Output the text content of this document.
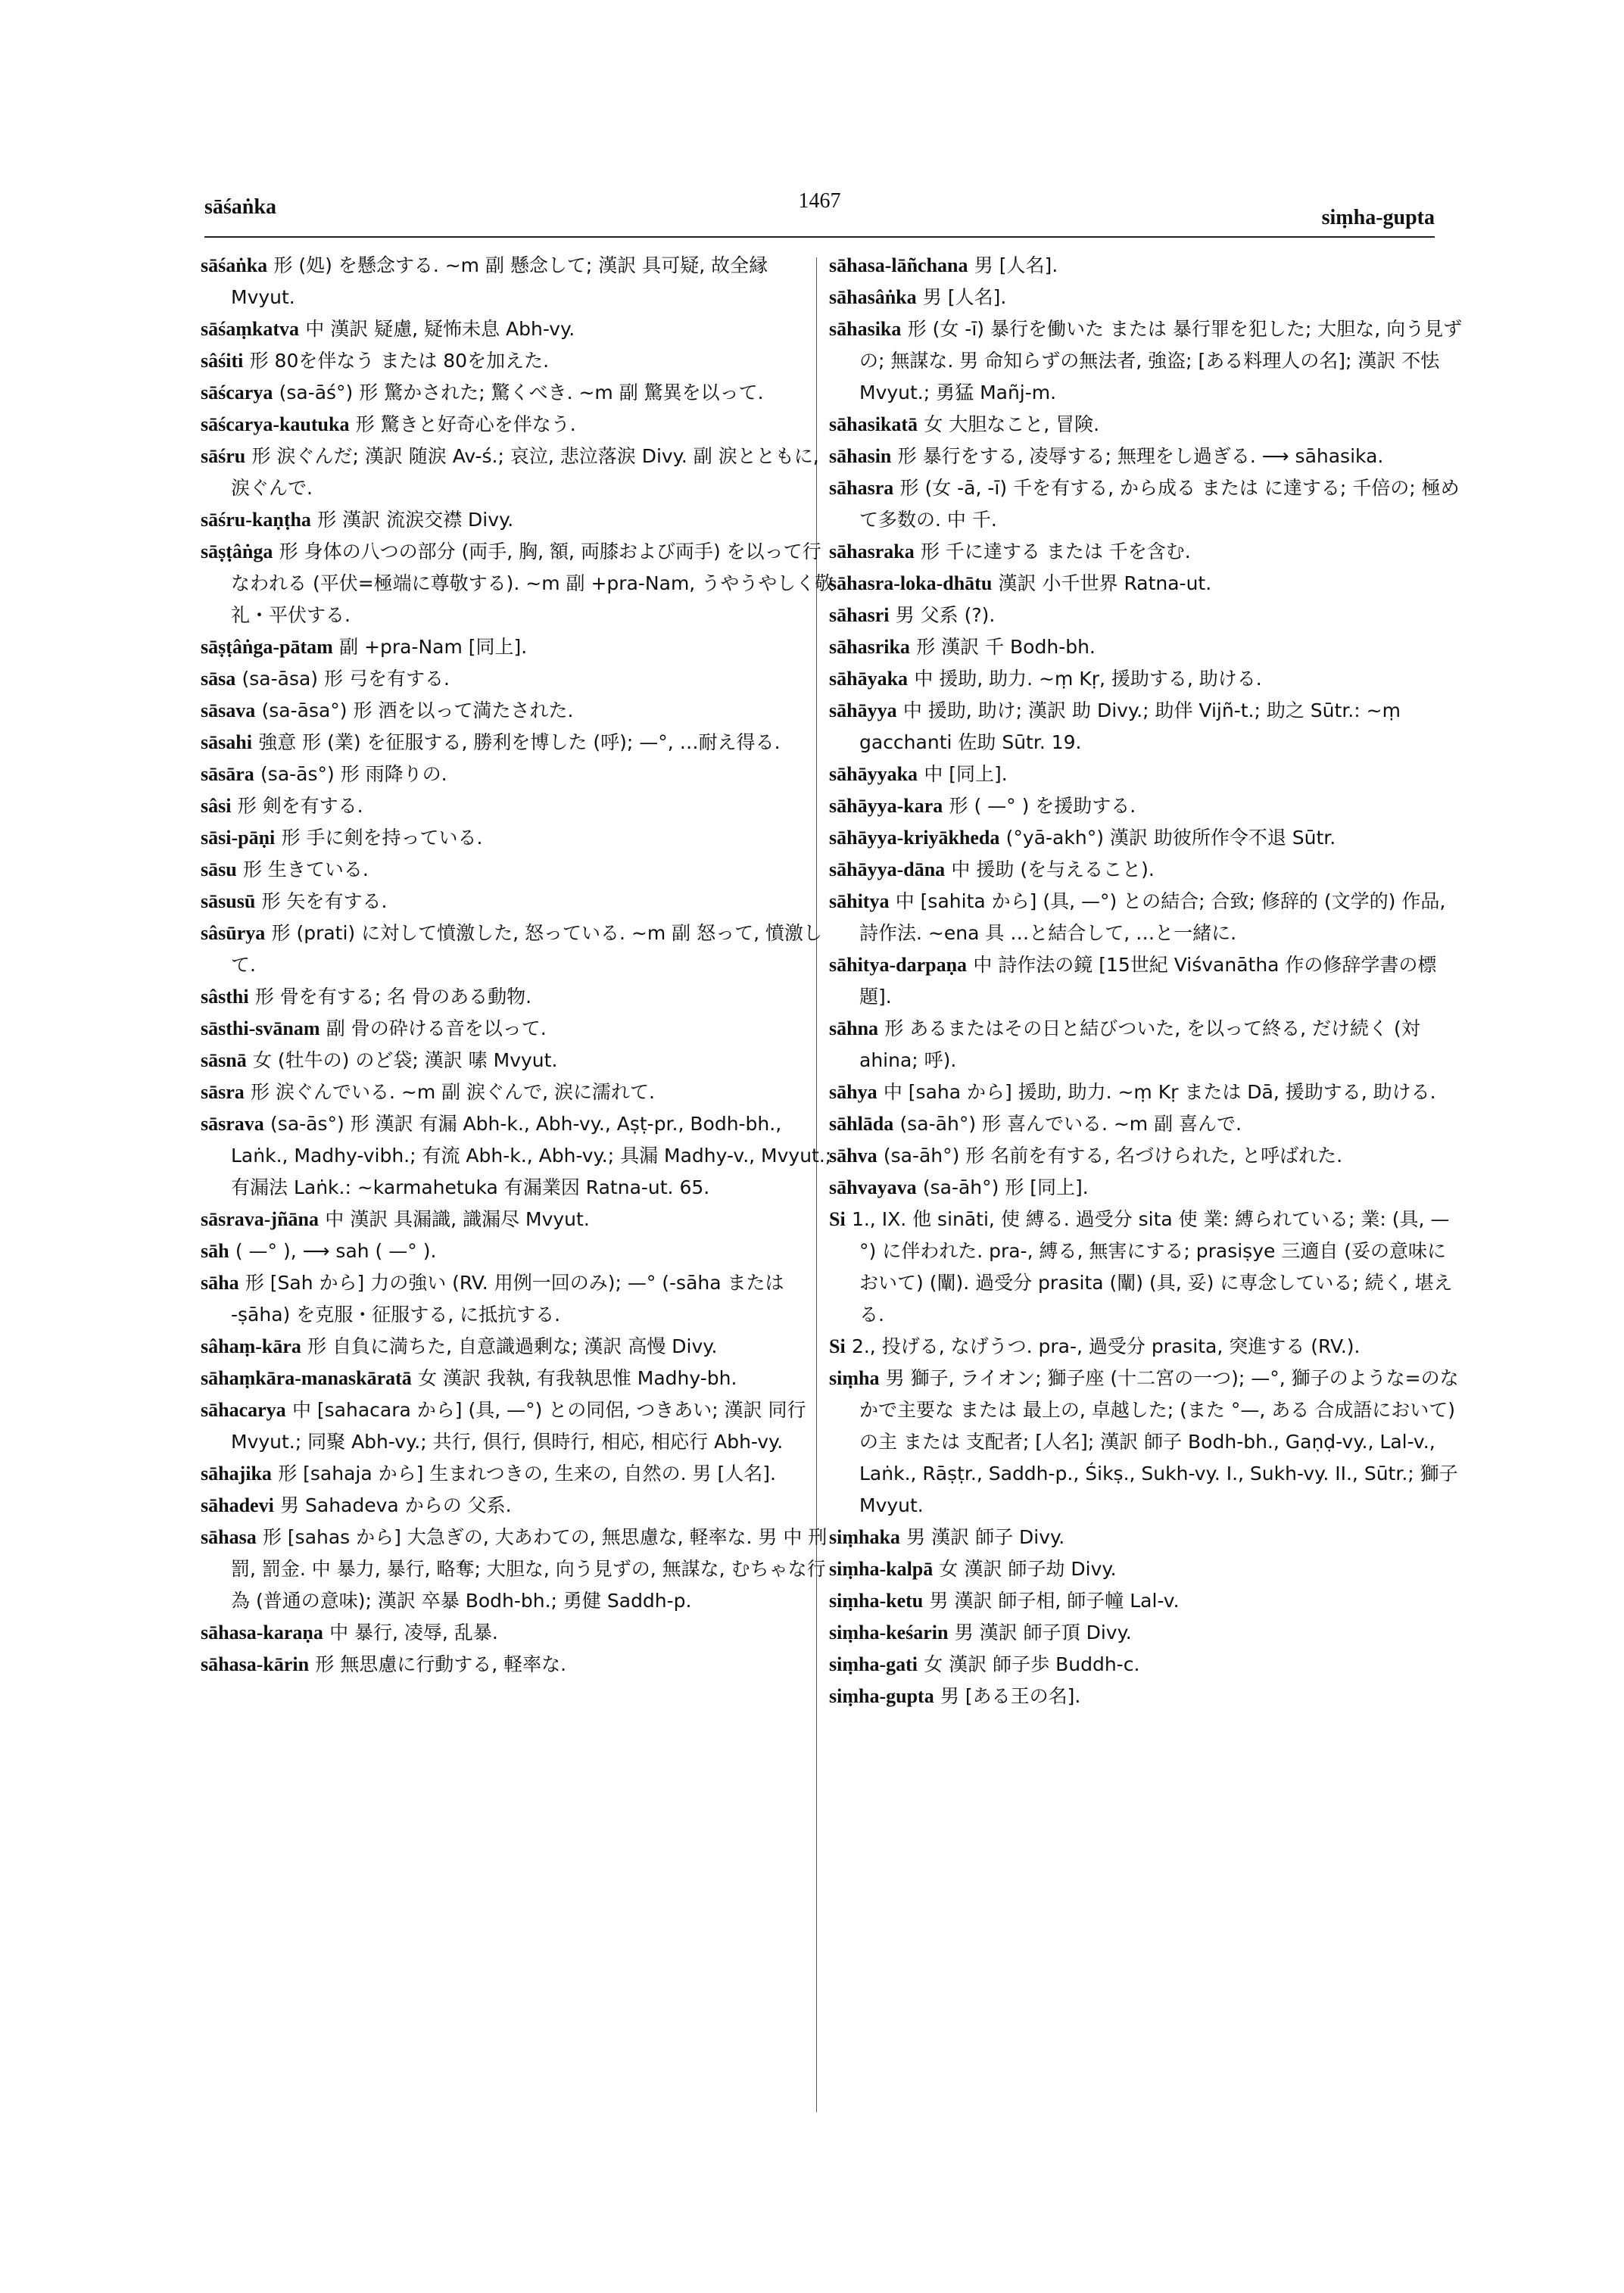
sāśaṅka	1467
siṃha-gupta
sāśaṅka 形 (処) を懸念する. ~m 副 懸念して; 漢訳 具可疑, 故全縁 Mvyut.
sāśaṃkatva 中 漢訳 疑慮, 疑怖未息 Abh-vy.
sâśiti 形 80を伴なう または 80を加えた.
sāścarya (sa-āś°) 形 驚かされた; 驚くべき. ~m 副 驚異を以って.
sāścarya-kautuka 形 驚きと好奇心を伴なう.
sāśru 形 涙ぐんだ; 漢訳 随涙 Av-ś.; 哀泣, 悲泣落涙 Divy. 副 涙とともに, 涙ぐんで.
sāśru-kaṇṭha 形 漢訳 流涙交襟 Divy.
sāṣṭâṅga 形 身体の八つの部分 (両手, 胸, 額, 両膝および両手) を以って行なわれる (平伏=極端に尊敬する). ~m 副 +pra-Nam, うやうやしく敬礼・平伏する.
sāṣṭâṅga-pātam 副 +pra-Nam [同上].
sāsa (sa-āsa) 形 弓を有する.
sāsava (sa-āsa°) 形 酒を以って満たされた.
sāsahi 強意 形 (業) を征服する, 勝利を博した (呼); —°, …耐え得る.
sāsāra (sa-ās°) 形 雨降りの.
sâsi 形 剣を有する.
sāsi-pāṇi 形 手に剣を持っている.
sāsu 形 生きている.
sāsusū 形 矢を有する.
sâsūrya 形 (prati) に対して憤激した, 怒っている. ~m 副 怒って, 憤激して.
sâsthi 形 骨を有する; 名 骨のある動物.
sāsthi-svānam 副 骨の砕ける音を以って.
sāsnā 女 (牡牛の) のど袋; 漢訳 嗉 Mvyut.
sāsra 形 涙ぐんでいる. ~m 副 涙ぐんで, 涙に濡れて.
sāsrava (sa-ās°) 形 漢訳 有漏 Abh-k., Abh-vy., Aṣṭ-pr., Bodh-bh., Laṅk., Madhy-vibh.; 有流 Abh-k., Abh-vy.; 具漏 Madhy-v., Mvyut.; 有漏法 Laṅk.: ~karmahetuka 有漏業因 Ratna-ut. 65.
sāsrava-jñāna 中 漢訳 具漏識, 識漏尽 Mvyut.
sāh ( —° ), ⟶ sah ( —° ).
sāha 形 [Sah から] 力の強い (RV. 用例一回のみ); —° (-sāha または -ṣāha) を克服・征服する, に抵抗する.
sâhaṃ-kāra 形 自負に満ちた, 自意識過剰な; 漢訳 高慢 Divy.
sāhaṃkāra-manaskāratā 女 漢訳 我執, 有我執思惟 Madhy-bh.
sāhacarya 中 [sahacara から] (具, —°) との同侶, つきあい; 漢訳 同行 Mvyut.; 同聚 Abh-vy.; 共行, 倶行, 倶時行, 相応, 相応行 Abh-vy.
sāhajika 形 [sahaja から] 生まれつきの, 生来の, 自然の. 男 [人名].
sāhadevi 男 Sahadeva からの 父系.
sāhasa 形 [sahas から] 大急ぎの, 大あわての, 無思慮な, 軽率な. 男 中 刑罰, 罰金. 中 暴力, 暴行, 略奪; 大胆な, 向う見ずの, 無謀な, むちゃな行為 (普通の意味); 漢訳 卒暴 Bodh-bh.; 勇健 Saddh-p.
sāhasa-karaṇa 中 暴行, 凌辱, 乱暴.
sāhasa-kārin 形 無思慮に行動する, 軽率な.
sāhasa-lāñchana 男 [人名].
sāhasâṅka 男 [人名].
sāhasika 形 (女 -ī) 暴行を働いた または 暴行罪を犯した; 大胆な, 向う見ずの; 無謀な. 男 命知らずの無法者, 強盗; [ある料理人の名]; 漢訳 不怯 Mvyut.; 勇猛 Mañj-m.
sāhasikatā 女 大胆なこと, 冒険.
sāhasin 形 暴行をする, 凌辱する; 無理をし過ぎる. ⟶ sāhasika.
sāhasra 形 (女 -ā, -ī) 千を有する, から成る または に達する; 千倍の; 極めて多数の. 中 千.
sāhasraka 形 千に達する または 千を含む.
sāhasra-loka-dhātu 漢訳 小千世界 Ratna-ut.
sāhasri 男 父系 (?).
sāhasrika 形 漢訳 千 Bodh-bh.
sāhāyaka 中 援助, 助力. ~ṃ Kṛ, 援助する, 助ける.
sāhāyya 中 援助, 助け; 漢訳 助 Divy.; 助伴 Vijñ-t.; 助之 Sūtr.: ~ṃ gacchanti 佐助 Sūtr. 19.
sāhāyyaka 中 [同上].
sāhāyya-kara 形 ( —° ) を援助する.
sāhāyya-kriyākheda (°yā-akh°) 漢訳 助彼所作令不退 Sūtr.
sāhāyya-dāna 中 援助 (を与えること).
sāhitya 中 [sahita から] (具, —°) との結合; 合致; 修辞的 (文学的) 作品, 詩作法. ~ena 具 …と結合して, …と一緒に.
sāhitya-darpaṇa 中 詩作法の鏡 [15世紀 Viśvanātha 作の修辞学書の標題].
sāhna 形 あるまたはその日と結びついた, を以って終る, だけ続く (対 ahina; 呼).
sāhya 中 [saha から] 援助, 助力. ~ṃ Kṛ または Dā, 援助する, 助ける.
sāhlāda (sa-āh°) 形 喜んでいる. ~m 副 喜んで.
sāhva (sa-āh°) 形 名前を有する, 名づけられた, と呼ばれた.
sāhvayava (sa-āh°) 形 [同上].
Si 1., IX. 他 sināti, 使 縛る. 過受分 sita 使 業: 縛られている; 業: (具, —°) に伴われた. pra-, 縛る, 無害にする; prasiṣye 三適自 (妥の意味において) (闡). 過受分 prasita (闡) (具, 妥) に専念している; 続く, 堪える.
Si 2., 投げる, なげうつ. pra-, 過受分 prasita, 突進する (RV.).
siṃha 男 獅子, ライオン; 獅子座 (十二宮の一つ); —°, 獅子のような=のなかで主要な または 最上の, 卓越した; (また °—, ある 合成語において) の主 または 支配者; [人名]; 漢訳 師子 Bodh-bh., Gaṇḍ-vy., Lal-v., Laṅk., Rāṣṭr., Saddh-p., Śikṣ., Sukh-vy. I., Sukh-vy. II., Sūtr.; 獅子 Mvyut.
siṃhaka 男 漢訳 師子 Divy.
siṃha-kalpā 女 漢訳 師子劫 Divy.
siṃha-ketu 男 漢訳 師子相, 師子幢 Lal-v.
siṃha-keśarin 男 漢訳 師子頂 Divy.
siṃha-gati 女 漢訳 師子歩 Buddh-c.
siṃha-gupta 男 [ある王の名].
